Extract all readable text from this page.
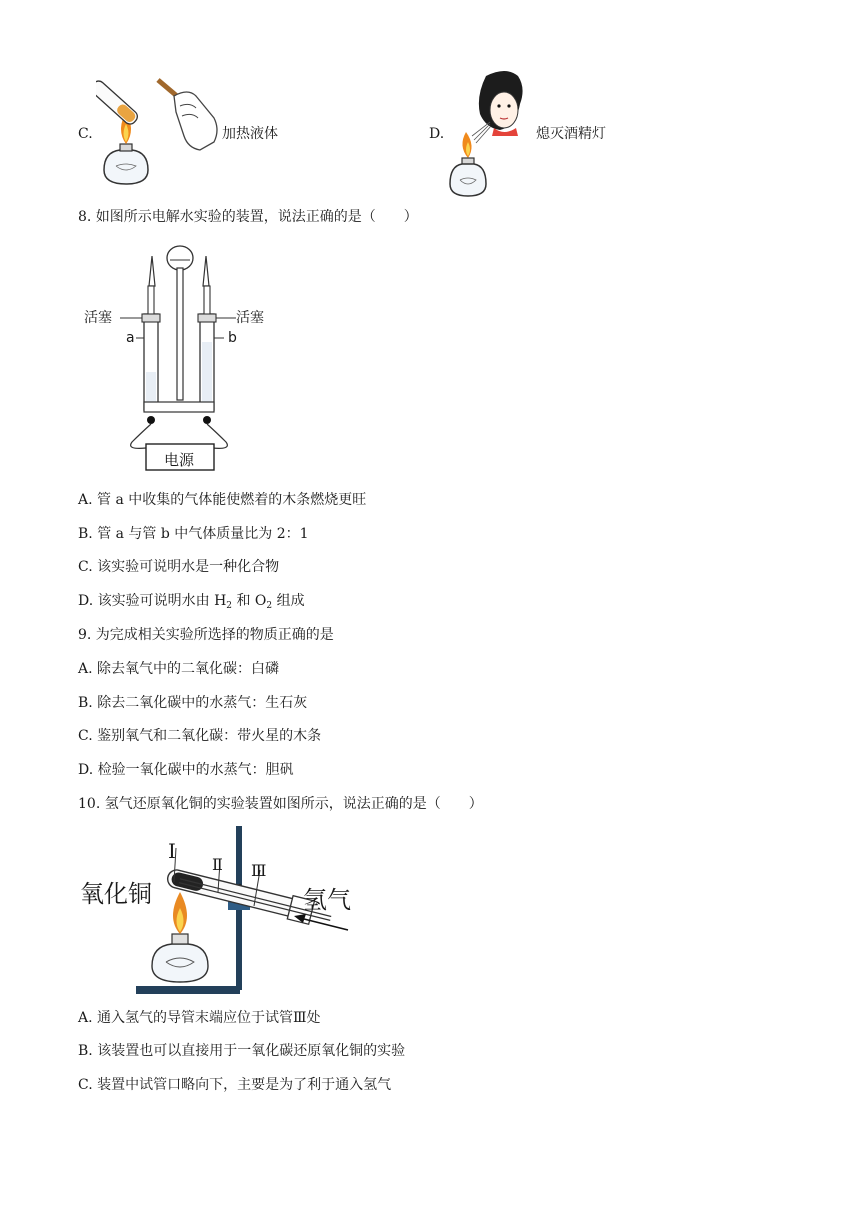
C.	加热液体	D.	熄灭酒精灯
8. 如图所示电解水实验的装置，说法正确的是（　　）
活塞	活塞
a	b
电源
A. 管 a 中收集的气体能使燃着的木条燃烧更旺
B. 管 a 与管 b 中气体质量比为 2：1
C. 该实验可说明水是一种化合物
D. 该实验可说明水由 $H_2$ 和 $O_2$ 组成
9. 为完成相关实验所选择的物质正确的是
A. 除去氧气中的二氧化碳：白磷
B. 除去二氧化碳中的水蒸气：生石灰
C. 鉴别氧气和二氧化碳：带火星的木条
D. 检验一氧化碳中的水蒸气：胆矾
10. 氢气还原氧化铜的实验装置如图所示，说法正确的是（　　）
Ⅰ
Ⅱ Ⅲ
氧化铜	氢气
A. 通入氢气的导管末端应位于试管Ⅲ处
B. 该装置也可以直接用于一氧化碳还原氧化铜的实验
C. 装置中试管口略向下，主要是为了利于通入氢气
